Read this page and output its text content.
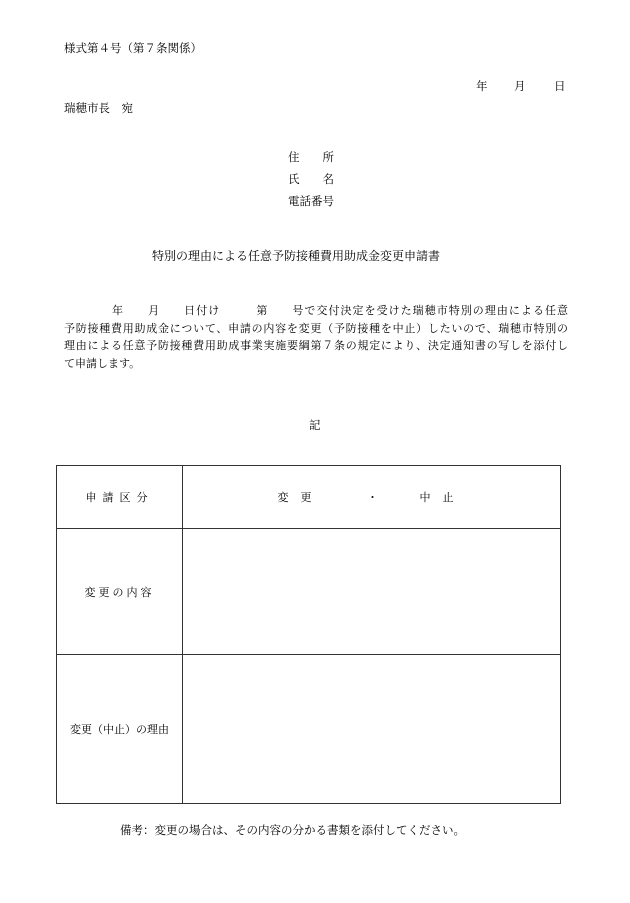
様式第４号（第７条関係）
年 月 日
瑞穂市長　宛
住　　所
氏　　名
電話番号
特別の理由による任意予防接種費用助成金変更申請書
年　　月　　日付け　　　第　　号で交付決定を受けた瑞穂市特別の理由による任意
予防接種費用助成金について、申請の内容を変更（予防接種を中止）したいので、瑞穂市特別の
理由による任意予防接種費用助成事業実施要綱第７条の規定により、決定通知書の写しを添付し
て申請します。
記
申請区分	変更 ・ 中止
変更の内容	
変更（中止）の理由	
備考：変更の場合は、その内容の分かる書類を添付してください。
